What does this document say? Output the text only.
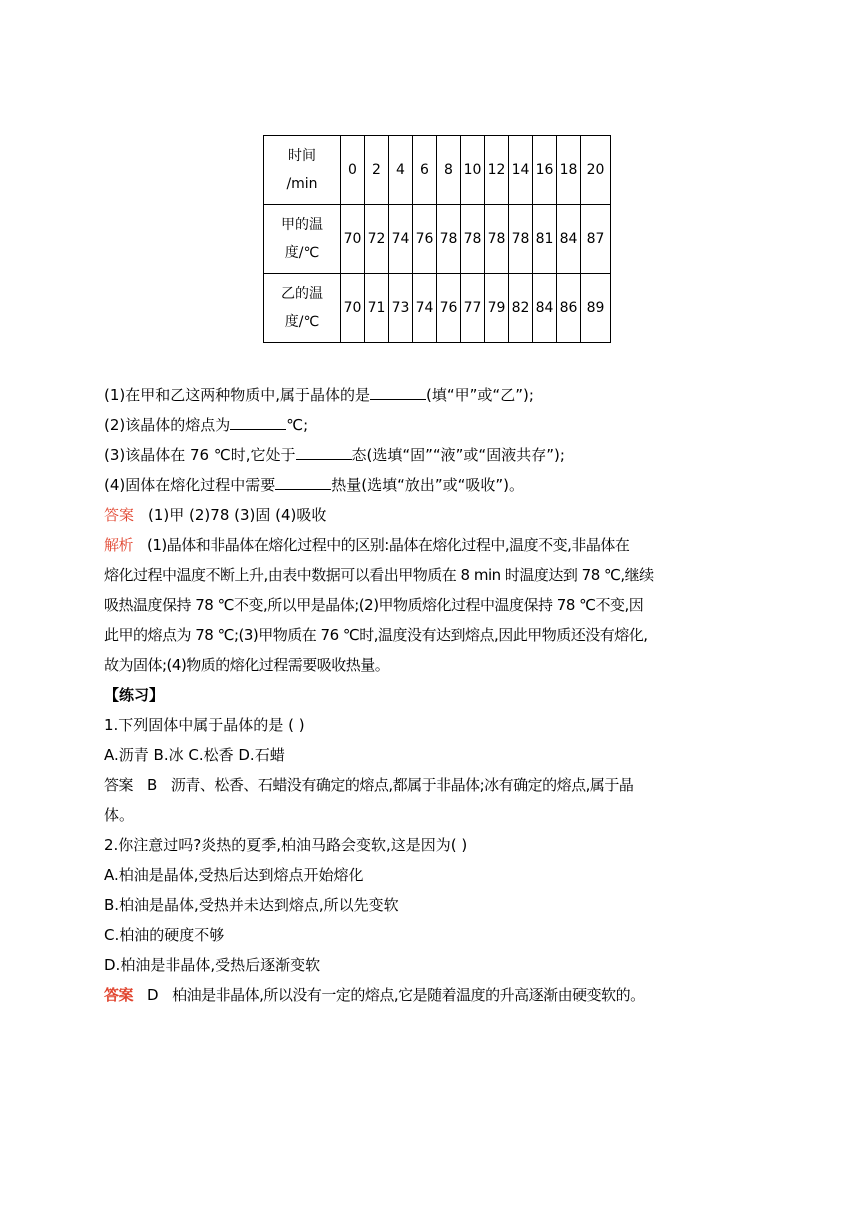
时间
/min	0	2	4	6	8	10	12	14	16	18	20
甲的温
度/℃	70	72	74	76	78	78	78	78	81	84	87
乙的温
度/℃	70	71	73	74	76	77	79	82	84	86	89

(1)在甲和乙这两种物质中,属于晶体的是	(填“甲”或“乙”);

(2)该晶体的熔点为	℃;

(3)该晶体在 76 ℃时,它处于	态(选填“固”“液”或“固液共存”);

(4)固体在熔化过程中需要	热量(选填“放出”或“吸收”)。

答案 (1)甲 (2)78 (3)固 (4)吸收

解析 (1)晶体和非晶体在熔化过程中的区别:晶体在熔化过程中,温度不变,非晶体在

熔化过程中温度不断上升,由表中数据可以看出甲物质在 8 min 时温度达到 78 ℃,继续

吸热温度保持 78 ℃不变,所以甲是晶体;(2)甲物质熔化过程中温度保持 78 ℃不变,因

此甲的熔点为 78 ℃;(3)甲物质在 76 ℃时,温度没有达到熔点,因此甲物质还没有熔化,

故为固体;(4)物质的熔化过程需要吸收热量。

【练习】

1.下列固体中属于晶体的是 ( )

A.沥青 B.冰 C.松香 D.石蜡

答案 B 沥青、松香、石蜡没有确定的熔点,都属于非晶体;冰有确定的熔点,属于晶

体。

2.你注意过吗?炎热的夏季,柏油马路会变软,这是因为( )

A.柏油是晶体,受热后达到熔点开始熔化

B.柏油是晶体,受热并未达到熔点,所以先变软

C.柏油的硬度不够

D.柏油是非晶体,受热后逐渐变软

答案 D 柏油是非晶体,所以没有一定的熔点,它是随着温度的升高逐渐由硬变软的。
